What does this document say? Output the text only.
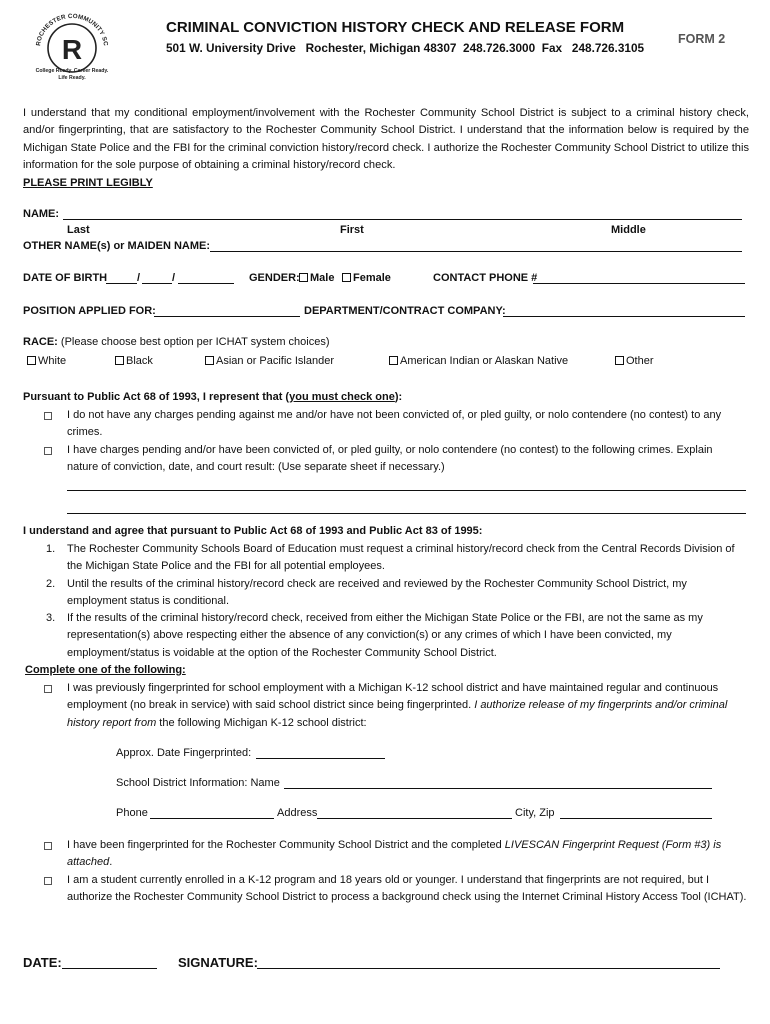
ROCHESTER COMMUNITY SC
R
College Ready. Career Ready.
Life Ready.
CRIMINAL CONVICTION HISTORY CHECK AND RELEASE FORM
501 W. University Drive   Rochester, Michigan 48307  248.726.3000  Fax   248.726.3105
FORM 2
I understand that my conditional employment/involvement with the Rochester Community School District is subject to a criminal history check, and/or fingerprinting, that are satisfactory to the Rochester Community School District. I understand that the information below is required by the Michigan State Police and the FBI for the criminal conviction history/record check. I authorize the Rochester Community School District to utilize this information for the sole purpose of obtaining a criminal history/record check.
PLEASE PRINT LEGIBLY
NAME:
Last	First	Middle
OTHER NAME(s) or MAIDEN NAME:
DATE OF BIRTH	/	/	GENDER: Male	Female	CONTACT PHONE #
POSITION APPLIED FOR:	DEPARTMENT/CONTRACT COMPANY:
RACE: (Please choose best option per ICHAT system choices)
White	Black	Asian or Pacific Islander	American Indian or Alaskan Native	Other
Pursuant to Public Act 68 of 1993, I represent that (you must check one):
I do not have any charges pending against me and/or have not been convicted of, or pled guilty, or nolo contendere (no contest) to any
crimes.
I have charges pending and/or have been convicted of, or pled guilty, or nolo contendere (no contest) to the following crimes. Explain
nature of conviction, date, and court result: (Use separate sheet if necessary.)
I understand and agree that pursuant to Public Act 68 of 1993 and Public Act 83 of 1995:
1. The Rochester Community Schools Board of Education must request a criminal history/record check from the Central Records Division of
the Michigan State Police and the FBI for all potential employees.
2. Until the results of the criminal history/record check are received and reviewed by the Rochester Community School District, my
employment status is conditional.
3. If the results of the criminal history/record check, received from either the Michigan State Police or the FBI, are not the same as my
representation(s) above respecting either the absence of any conviction(s) or any crimes of which I have been convicted, my
employment/status is voidable at the option of the Rochester Community School District.
Complete one of the following:
I was previously fingerprinted for school employment with a Michigan K-12 school district and have maintained regular and continuous
employment (no break in service) with said school district since being fingerprinted. I authorize release of my fingerprints and/or criminal
history report from the following Michigan K-12 school district:
Approx. Date Fingerprinted:
School District Information: Name
Phone	Address	City, Zip
I have been fingerprinted for the Rochester Community School District and the completed LIVESCAN Fingerprint Request (Form #3) is
attached.
I am a student currently enrolled in a K-12 program and 18 years old or younger. I understand that fingerprints are not required, but I
authorize the Rochester Community School District to process a background check using the Internet Criminal History Access Tool (ICHAT).
DATE:	SIGNATURE:
